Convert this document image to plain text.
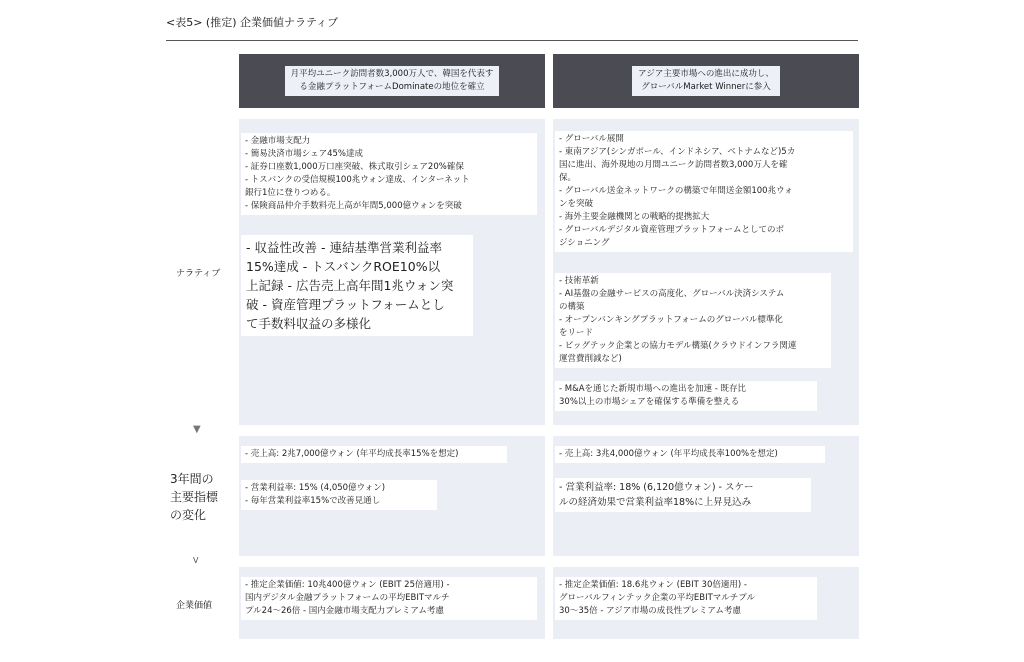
<表5> (推定) 企業価値ナラティブ
月平均ユニーク訪問者数3,000万人で、韓国を代表す
る金融プラットフォームDominateの地位を確立
アジア主要市場への進出に成功し、
グローバルMarket Winnerに参入
ナラティブ
▼
3年間の
主要指標
の変化
V
企業価値
- 金融市場支配力
- 簡易決済市場シェア45%達成
- 証券口座数1,000万口座突破、株式取引シェア20%確保
- トスバンクの受信規模100兆ウォン達成、インターネット
銀行1位に登りつめる。
- 保険商品仲介手数料売上高が年間5,000億ウォンを突破
- 収益性改善 - 連結基準営業利益率
15%達成 - トスバンクROE10%以
上記録 - 広告売上高年間1兆ウォン突
破 - 資産管理プラットフォームとし
て手数料収益の多様化
- グローバル展開
- 東南アジア(シンガポール、インドネシア、ベトナムなど)5カ
国に進出、海外現地の月間ユニーク訪問者数3,000万人を確
保。
- グローバル送金ネットワークの構築で年間送金額100兆ウォ
ンを突破
- 海外主要金融機関との戦略的提携拡大
- グローバルデジタル資産管理プラットフォームとしてのボ
ジショニング
- 技術革新
- AI基盤の金融サービスの高度化、グローバル決済システム
の構築
- オープンバンキングプラットフォームのグローバル標準化
をリード
- ビッグテック企業との協力モデル構築(クラウドインフラ関連
運営費削減など)
- M&Aを通じた新規市場への進出を加速 - 既存比
30%以上の市場シェアを確保する準備を整える
- 売上高: 2兆7,000億ウォン (年平均成長率15%を想定)
- 営業利益率: 15% (4,050億ウォン)
- 毎年営業利益率15%で改善見通し
- 売上高: 3兆4,000億ウォン (年平均成長率100%を想定)
- 営業利益率: 18% (6,120億ウォン) - スケー
ルの経済効果で営業利益率18%に上昇見込み
- 推定企業価値: 10兆400億ウォン (EBIT 25倍適用) -
国内デジタル金融プラットフォームの平均EBITマルチ
プル24〜26倍 - 国内金融市場支配力プレミアム考慮
- 推定企業価値: 18.6兆ウォン (EBIT 30倍適用) -
グローバルフィンテック企業の平均EBITマルチプル
30〜35倍 - アジア市場の成長性プレミアム考慮
